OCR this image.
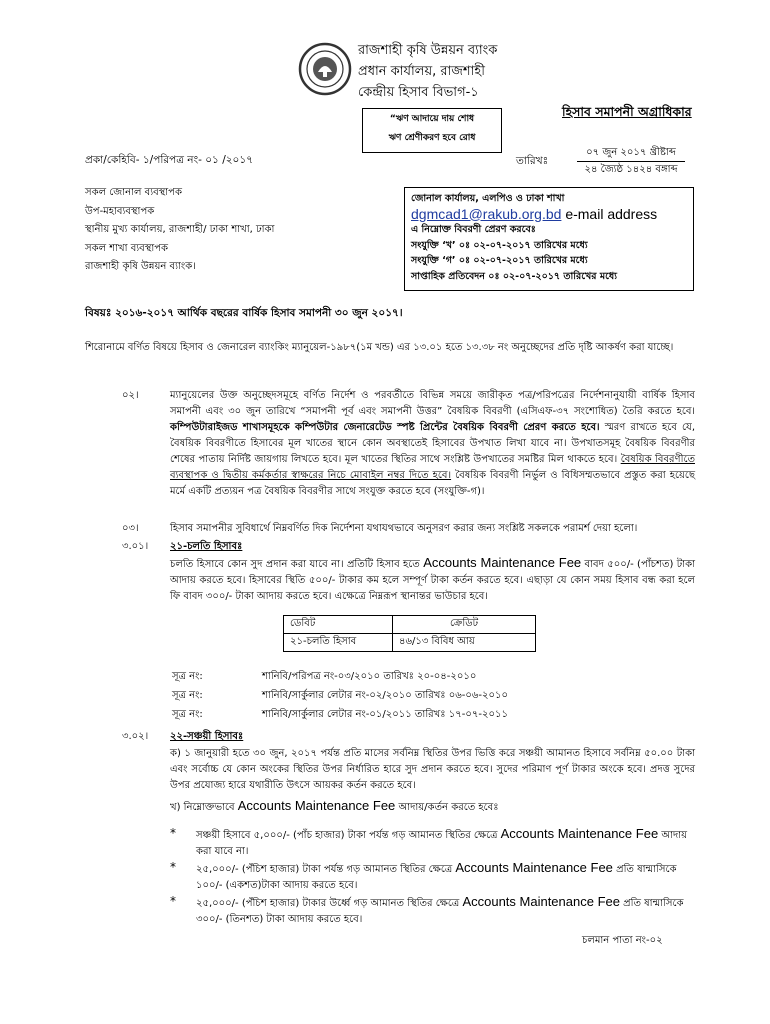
রাজশাহী কৃষি উন্নয়ন ব্যাংক
প্রধান কার্যালয়, রাজশাহী
কেন্দ্রীয় হিসাব বিভাগ-১
“ঋণ আদায়ে দায় শোধ
ঋণ শ্রেণীকরণ হবে রোধ
হিসাব সমাপনী অগ্রাধিকার
প্রকা/কেহিবি- ১/পরিপত্র নং- ০১ /২০১৭	তারিখঃ
০৭ জুন ২০১৭ খ্রীষ্টাব্দ
২৪ জ্যৈষ্ঠ ১৪২৪ বঙ্গাব্দ
সকল জোনাল ব্যবস্থাপক
উপ-মহাব্যবস্থাপক
স্থানীয় মুখ্য কার্যালয়, রাজশাহী/ ঢাকা শাখা, ঢাকা
সকল শাখা ব্যবস্থাপক
রাজশাহী কৃষি উন্নয়ন ব্যাংক।
জোনাল কার্যালয়, এলপিও ও ঢাকা শাখা
dgmcad1@rakub.org.bd e-mail address
এ নিম্নোক্ত বিবরণী প্রেরণ করবেঃ
সংযুক্তি ‘খ’ ০ঃ ০২-০৭-২০১৭ তারিখের মধ্যে
সংযুক্তি ‘গ’ ০ঃ ০২-০৭-২০১৭ তারিখের মধ্যে
সাপ্তাহিক প্রতিবেদন ০ঃ ০২-০৭-২০১৭ তারিখের মধ্যে
বিষয়ঃ ২০১৬-২০১৭ আর্থিক বছরের বার্ষিক হিসাব সমাপনী ৩০ জুন ২০১৭।
শিরোনামে বর্ণিত বিষয়ে হিসাব ও জেনারেল ব্যাংকিং ম্যানুয়েল-১৯৮৭(১ম খন্ড) এর ১৩.০১ হতে ১৩.৩৮ নং অনুচ্ছেদের প্রতি দৃষ্টি আকর্ষণ করা যাচ্ছে।
০২।	ম্যানুয়েলের উক্ত অনুচ্ছেদসমূহে বর্ণিত নির্দেশ ও পরবর্তীতে বিভিন্ন সময়ে জারীকৃত পত্র/পরিপত্রের নির্দেশনানুযায়ী বার্ষিক হিসাব সমাপনী এবং ৩০ জুন তারিখে “সমাপনী পূর্ব এবং সমাপনী উত্তর” বৈষয়িক বিবরণী (এসিএফ-৩৭ সংশোধিত) তৈরি করতে হবে। কম্পিউটারাইজড শাখাসমূহকে কম্পিউটার জেনারেটেড স্পষ্ট প্রিন্টের বৈষয়িক বিবরণী প্রেরণ করতে হবে। স্মরণ রাখতে হবে যে, বৈষয়িক বিবরণীতে হিসাবের মূল খাতের স্থানে কোন অবস্থাতেই হিসাবের উপখাত লিখা যাবে না। উপখাতসমূহ বৈষয়িক বিবরণীর শেষের পাতায় নির্দিষ্ট জায়গায় লিখতে হবে। মূল খাতের স্থিতির সাথে সংশ্লিষ্ট উপখাতের সমষ্টির মিল থাকতে হবে। বৈষয়িক বিবরণীতে ব্যবস্থাপক ও দ্বিতীয় কর্মকর্তার স্বাক্ষরের নিচে মোবাইল নম্বর দিতে হবে। বৈষয়িক বিবরণী নির্ভুল ও বিধিসম্মতভাবে প্রস্তুত করা হয়েছে মর্মে একটি প্রত্যয়ন পত্র বৈষয়িক বিবরণীর সাথে সংযুক্ত করতে হবে (সংযুক্তি-গ)।
০৩।	হিসাব সমাপনীর সুবিধার্থে নিম্নবর্ণিত দিক নির্দেশনা যথাযথভাবে অনুসরণ করার জন্য সংশ্লিষ্ট সকলকে পরামর্শ দেয়া হলো।
৩.০১। ২১-চলতি হিসাবঃ
চলতি হিসাবে কোন সুদ প্রদান করা যাবে না। প্রতিটি হিসাব হতে Accounts Maintenance Fee বাবদ ৫০০/- (পাঁচশত) টাকা আদায় করতে হবে। হিসাবের স্থিতি ৫০০/- টাকার কম হলে সম্পূর্ণ টাকা কর্তন করতে হবে। এছাড়া যে কোন সময় হিসাব বন্ধ করা হলে ফি বাবদ ৩০০/- টাকা আদায় করতে হবে। এক্ষেত্রে নিম্নরূপ স্থানান্তর ভাউচার হবে।
ডেবিট	ক্রেডিট
২১-চলতি হিসাব	৪৬/১৩ বিবিধ আয়
সূত্র নং:	শানিবি/পরিপত্র নং-০৩/২০১০ তারিখঃ ২০-০৪-২০১০
সূত্র নং:	শানিবি/সার্কুলার লেটার নং-০২/২০১০ তারিখঃ ০৬-০৬-২০১০
সূত্র নং:	শানিবি/সার্কুলার লেটার নং-০১/২০১১ তারিখঃ ১৭-০৭-২০১১
৩.০২। ২২-সঞ্চয়ী হিসাবঃ
ক) ১ জানুয়ারী হতে ৩০ জুন, ২০১৭ পর্যন্ত প্রতি মাসের সর্বনিম্ন স্থিতির উপর ভিত্তি করে সঞ্চয়ী আমানত হিসাবে সর্বনিম্ন ৫০.০০ টাকা এবং সর্বোচ্চ যে কোন অংকের স্থিতির উপর নির্ধারিত হারে সুদ প্রদান করতে হবে। সুদের পরিমাণ পূর্ণ টাকার অংকে হবে। প্রদত্ত সুদের উপর প্রযোজ্য হারে যথারীতি উৎসে আয়কর কর্তন করতে হবে।
খ) নিম্নোক্তভাবে Accounts Maintenance Fee আদায়/কর্তন করতে হবেঃ
* সঞ্চয়ী হিসাবে ৫,০০০/- (পাঁচ হাজার) টাকা পর্যন্ত গড় আমানত স্থিতির ক্ষেত্রে Accounts Maintenance Fee আদায় করা যাবে না।
* ২৫,০০০/- (পঁচিশ হাজার) টাকা পর্যন্ত গড় আমানত স্থিতির ক্ষেত্রে Accounts Maintenance Fee প্রতি ষান্মাসিকে ১০০/- (একশত)টাকা আদায় করতে হবে।
* ২৫,০০০/- (পঁচিশ হাজার) টাকার উর্ধ্বে গড় আমানত স্থিতির ক্ষেত্রে Accounts Maintenance Fee প্রতি ষান্মাসিকে ৩০০/- (তিনশত) টাকা আদায় করতে হবে।
চলমান পাতা নং-০২
